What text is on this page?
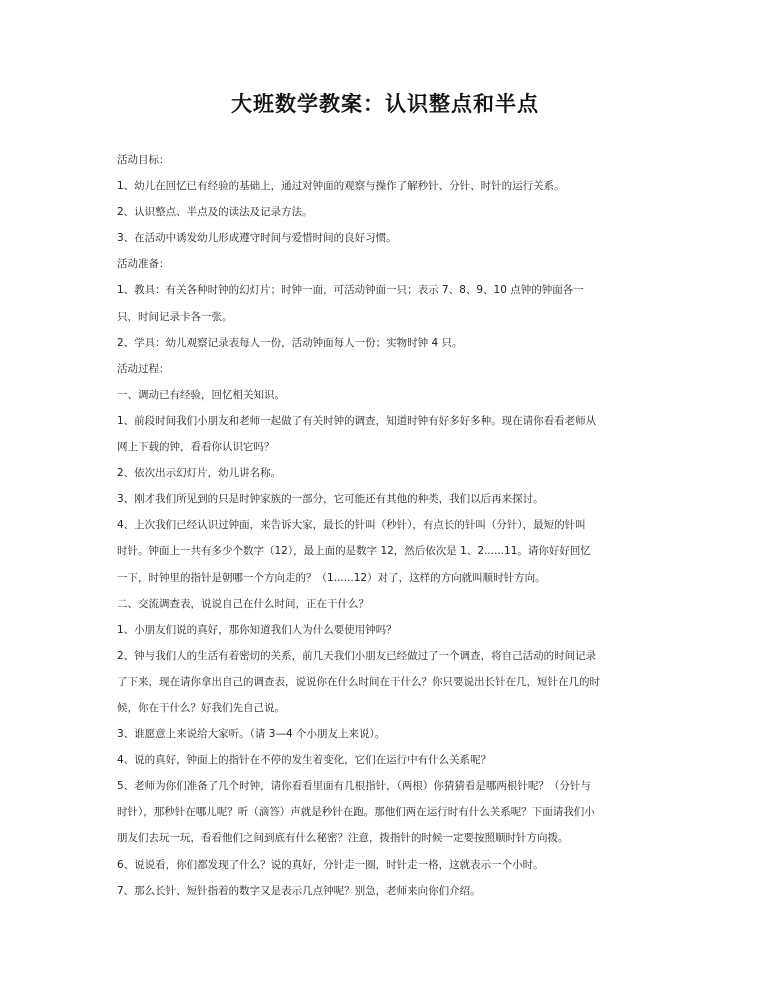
大班数学教案：认识整点和半点

活动目标：

1、幼儿在回忆已有经验的基础上，通过对钟面的观察与操作了解秒针、分针、时针的运行关系。

2、认识整点、半点及的读法及记录方法。

3、在活动中诱发幼儿形成遵守时间与爱惜时间的良好习惯。

活动准备：

1、教具：有关各种时钟的幻灯片；时钟一面，可活动钟面一只；表示 7、8、9、10 点钟的钟面各一

只，时间记录卡各一张。

2、学具：幼儿观察记录表每人一份，活动钟面每人一份；实物时钟 4 只。

活动过程：

一、调动已有经验，回忆相关知识。

1、前段时间我们小朋友和老师一起做了有关时钟的调查，知道时钟有好多好多种。现在请你看看老师从

网上下载的钟，看看你认识它吗？

2、依次出示幻灯片，幼儿讲名称。

3、刚才我们所见到的只是时钟家族的一部分，它可能还有其他的种类，我们以后再来探讨。

4、上次我们已经认识过钟面，来告诉大家，最长的针叫（秒针），有点长的针叫（分针），最短的针叫

时针。钟面上一共有多少个数字（12），最上面的是数字 12，然后依次是 1、2......11。请你好好回忆

一下，时钟里的指针是朝哪一个方向走的？（1......12）对了，这样的方向就叫顺时针方向。

二、交流调查表，说说自己在什么时间，正在干什么？

1、小朋友们说的真好，那你知道我们人为什么要使用钟吗？

2、钟与我们人的生活有着密切的关系，前几天我们小朋友已经做过了一个调查，将自己活动的时间记录

了下来，现在请你拿出自己的调查表，说说你在什么时间在干什么？你只要说出长针在几，短针在几的时

候，你在干什么？好我们先自己说。

3、谁愿意上来说给大家听。（请 3—4 个小朋友上来说）。

4、说的真好，钟面上的指针在不停的发生着变化，它们在运行中有什么关系呢？

5、老师为你们准备了几个时钟，请你看看里面有几根指针，（两根）你猜猜看是哪两根针呢？（分针与

时针），那秒针在哪儿呢？听（滴答）声就是秒针在跑。那他们两在运行时有什么关系呢？下面请我们小

朋友们去玩一玩，看看他们之间到底有什么秘密？注意，拨指针的时候一定要按照顺时针方向拨。

6、说说看，你们都发现了什么？说的真好，分针走一圈，时针走一格，这就表示一个小时。

7、那么长针、短针指着的数字又是表示几点钟呢？别急，老师来向你们介绍。
